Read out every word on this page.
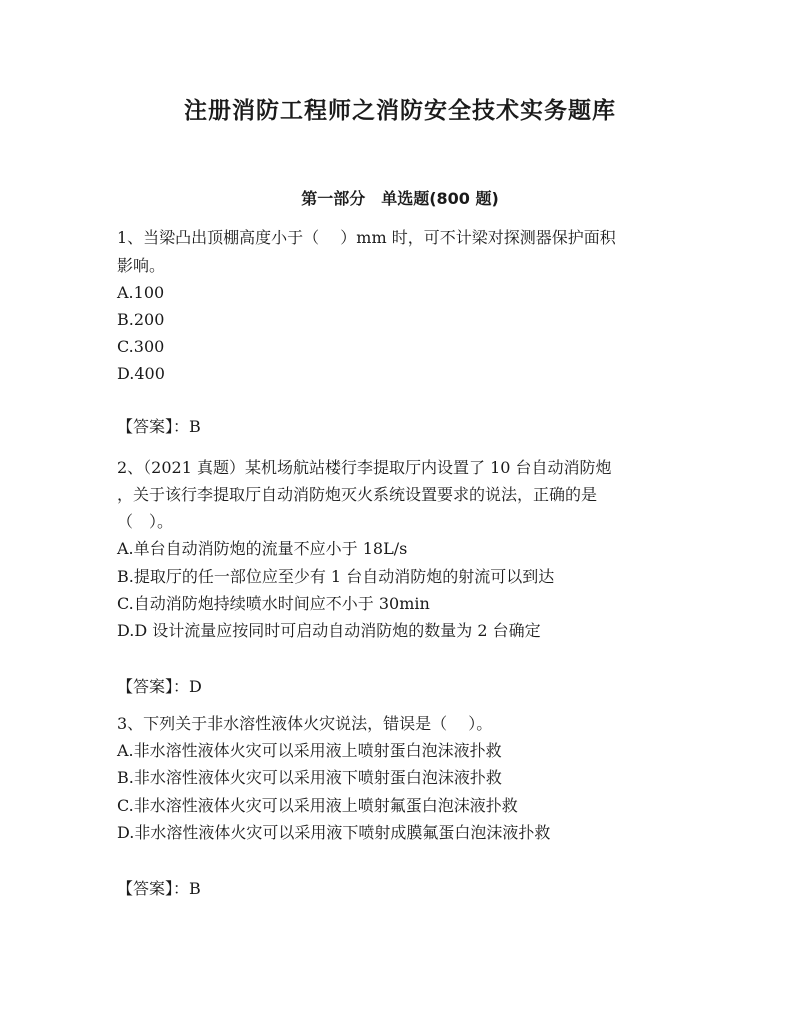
注册消防工程师之消防安全技术实务题库
第一部分　单选题(800 题)
1、当梁凸出顶棚高度小于（　 ）mm 时，可不计梁对探测器保护面积
影响。
A.100
B.200
C.300
D.400
【答案】：B
2、（2021 真题）某机场航站楼行李提取厅内设置了 10 台自动消防炮
，关于该行李提取厅自动消防炮灭火系统设置要求的说法，正确的是
（　）。
A.单台自动消防炮的流量不应小于 18L/s
B.提取厅的任一部位应至少有 1 台自动消防炮的射流可以到达
C.自动消防炮持续喷水时间应不小于 30min
D.D 设计流量应按同时可启动自动消防炮的数量为 2 台确定
【答案】：D
3、下列关于非水溶性液体火灾说法，错误是（　 ）。
A.非水溶性液体火灾可以采用液上喷射蛋白泡沫液扑救
B.非水溶性液体火灾可以采用液下喷射蛋白泡沫液扑救
C.非水溶性液体火灾可以采用液上喷射氟蛋白泡沫液扑救
D.非水溶性液体火灾可以采用液下喷射成膜氟蛋白泡沫液扑救
【答案】：B
